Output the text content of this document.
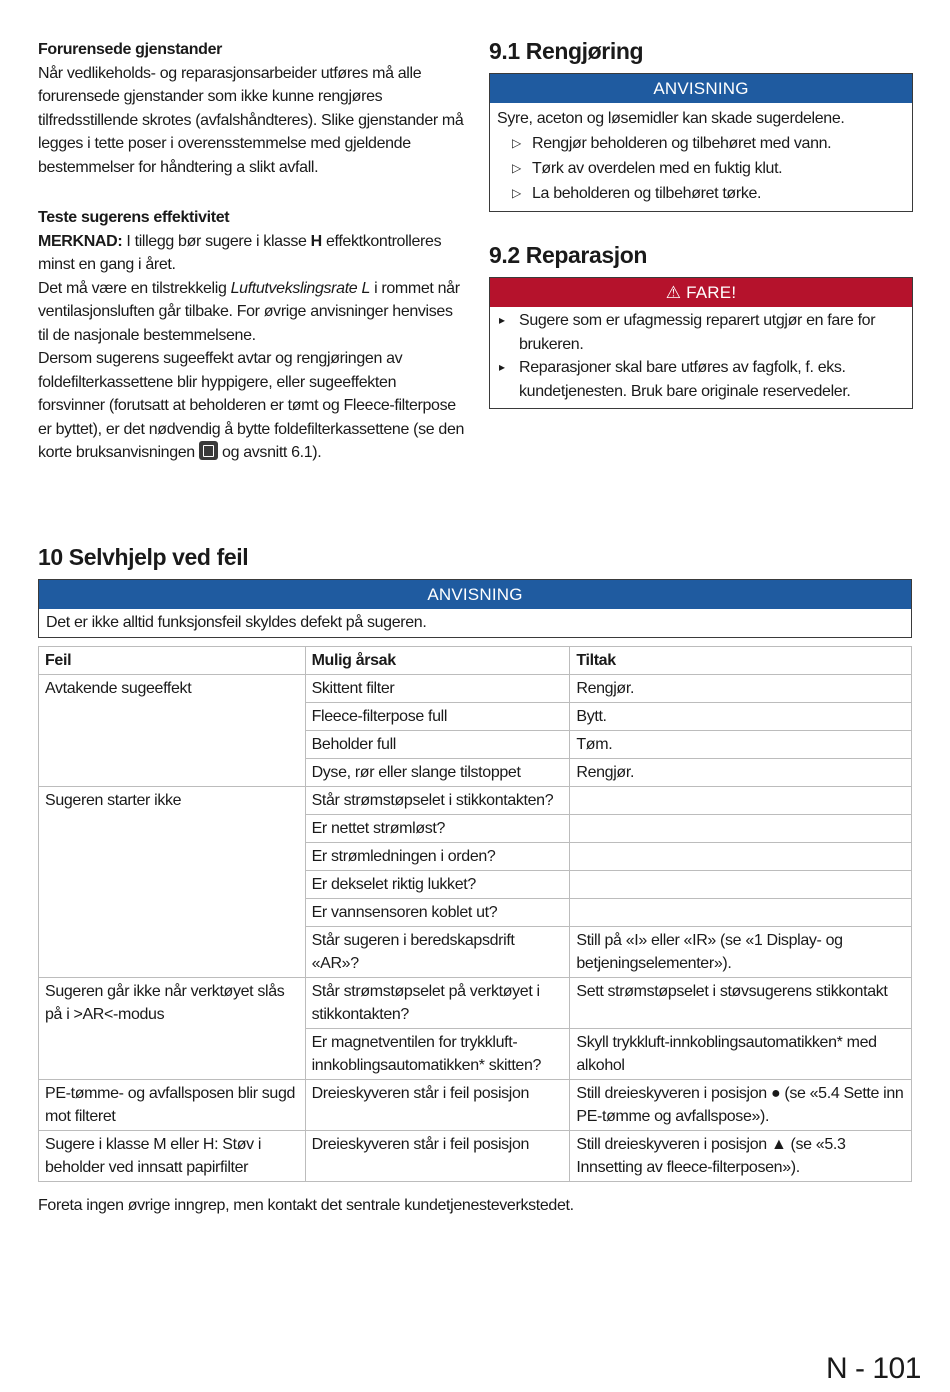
Forurensede gjenstander

Når vedlikeholds- og reparasjonsarbeider utføres må alle forurensede gjenstander som ikke kunne rengjøres tilfredsstillende skrotes (avfalshåndteres). Slike gjenstander må legges i tette poser i overensstemmelse med gjeldende bestemmelser for håndtering a slikt avfall.

Teste sugerens effektivitet

MERKNAD: I tillegg bør sugere i klasse H effektkontrolleres minst en gang i året.

Det må være en tilstrekkelig Luftutvekslingsrate L i rommet når ventilasjonsluften går tilbake. For øvrige anvisninger henvises til de nasjonale bestemmelsene.

Dersom sugerens sugeeffekt avtar og rengjøringen av foldefilterkassettene blir hyppigere, eller sugeeffekten forsvinner (forutsatt at beholderen er tømt og Fleece-filterpose er byttet), er det nødvendig å bytte foldefilterkassettene (se den korte bruksanvisningen  og avsnitt 6.1).

9.1 Rengjøring
ANVISNING
Syre, aceton og løsemidler kan skade sugerdelene.
▷ Rengjør beholderen og tilbehøret med vann.
▷ Tørk av overdelen med en fuktig klut.
▷ La beholderen og tilbehøret tørke.
9.2 Reparasjon
⚠ FARE!
▸ Sugere som er ufagmessig reparert utgjør en fare for brukeren.
▸ Reparasjoner skal bare utføres av fagfolk, f. eks. kundetjenesten. Bruk bare originale reservedeler.
10 Selvhjelp ved feil
ANVISNING
Det er ikke alltid funksjonsfeil skyldes defekt på sugeren.
Feil	Mulig årsak	Tiltak
Avtakende sugeeffekt	Skittent filter	Rengjør.
	Fleece-filterpose full	Bytt.
	Beholder full	Tøm.
	Dyse, rør eller slange tilstoppet	Rengjør.
Sugeren starter ikke	Står strømstøpselet i stikkontakten?	
	Er nettet strømløst?	
	Er strømledningen i orden?	
	Er dekselet riktig lukket?	
	Er vannsensoren koblet ut?	
	Står sugeren i beredskapsdrift «AR»?	Still på «I» eller «IR» (se «1 Display- og betjeningselementer»).
Sugeren går ikke når verktøyet slås på i >AR<-modus	Står strømstøpselet på verktøyet i stikkontakten?	Sett strømstøpselet i støvsugerens stikkontakt
	Er magnetventilen for trykkluft-innkoblingsautomatikken* skitten?	Skyll trykkluft-innkoblingsautomatikken* med alkohol
PE-tømme- og avfallsposen blir sugd mot filteret	Dreieskyveren står i feil posisjon	Still dreieskyveren i posisjon ● (se «5.4 Sette inn PE-tømme og avfallspose»).
Sugere i klasse M eller H: Støv i beholder ved innsatt papirfilter	Dreieskyveren står i feil posisjon	Still dreieskyveren i posisjon ▲ (se «5.3 Innsetting av fleece-filterposen»).

Foreta ingen øvrige inngrep, men kontakt det sentrale kundetjenesteverkstedet.

N - 101
